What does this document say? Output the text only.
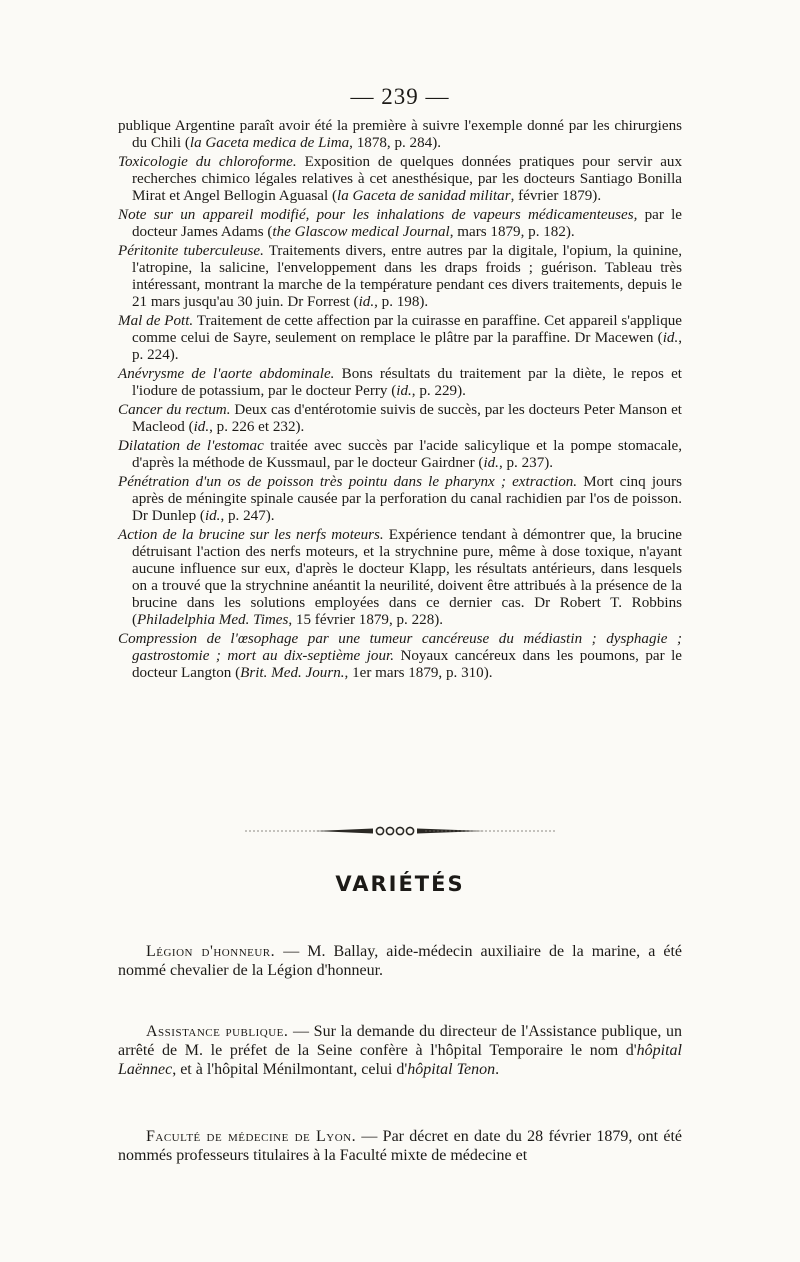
— 239 —

publique Argentine paraît avoir été la première à suivre l'exemple donné par les chirurgiens du Chili (la Gaceta medica de Lima, 1878, p. 284).

Toxicologie du chloroforme. Exposition de quelques données pratiques pour servir aux recherches chimico légales relatives à cet anesthésique, par les docteurs Santiago Bonilla Mirat et Angel Bellogin Aguasal (la Gaceta de sanidad militar, février 1879).

Note sur un appareil modifié, pour les inhalations de vapeurs médicamenteuses, par le docteur James Adams (the Glascow medical Journal, mars 1879, p. 182).

Péritonite tuberculeuse. Traitements divers, entre autres par la digitale, l'opium, la quinine, l'atropine, la salicine, l'enveloppement dans les draps froids ; guérison. Tableau très intéressant, montrant la marche de la température pendant ces divers traitements, depuis le 21 mars jusqu'au 30 juin. Dr Forrest (id., p. 198).

Mal de Pott. Traitement de cette affection par la cuirasse en paraffine. Cet appareil s'applique comme celui de Sayre, seulement on remplace le plâtre par la paraffine. Dr Macewen (id., p. 224).

Anévrysme de l'aorte abdominale. Bons résultats du traitement par la diète, le repos et l'iodure de potassium, par le docteur Perry (id., p. 229).

Cancer du rectum. Deux cas d'entérotomie suivis de succès, par les docteurs Peter Manson et Macleod (id., p. 226 et 232).

Dilatation de l'estomac traitée avec succès par l'acide salicylique et la pompe stomacale, d'après la méthode de Kussmaul, par le docteur Gairdner (id., p. 237).

Pénétration d'un os de poisson très pointu dans le pharynx ; extraction. Mort cinq jours après de méningite spinale causée par la perforation du canal rachidien par l'os de poisson. Dr Dunlep (id., p. 247).

Action de la brucine sur les nerfs moteurs. Expérience tendant à démontrer que, la brucine détruisant l'action des nerfs moteurs, et la strychnine pure, même à dose toxique, n'ayant aucune influence sur eux, d'après le docteur Klapp, les résultats antérieurs, dans lesquels on a trouvé que la strychnine anéantit la neurilité, doivent être attribués à la présence de la brucine dans les solutions employées dans ce dernier cas. Dr Robert T. Robbins (Philadelphia Med. Times, 15 février 1879, p. 228).

Compression de l'œsophage par une tumeur cancéreuse du médiastin ; dysphagie ; gastrostomie ; mort au dix-septième jour. Noyaux cancéreux dans les poumons, par le docteur Langton (Brit. Med. Journ., 1er mars 1879, p. 310).

VARIÉTÉS

Légion d'honneur. — M. Ballay, aide-médecin auxiliaire de la marine, a été nommé chevalier de la Légion d'honneur.

Assistance publique. — Sur la demande du directeur de l'Assistance publique, un arrêté de M. le préfet de la Seine confère à l'hôpital Temporaire le nom d'hôpital Laënnec, et à l'hôpital Ménilmontant, celui d'hôpital Tenon.

Faculté de médecine de Lyon. — Par décret en date du 28 février 1879, ont été nommés professeurs titulaires à la Faculté mixte de médecine et
